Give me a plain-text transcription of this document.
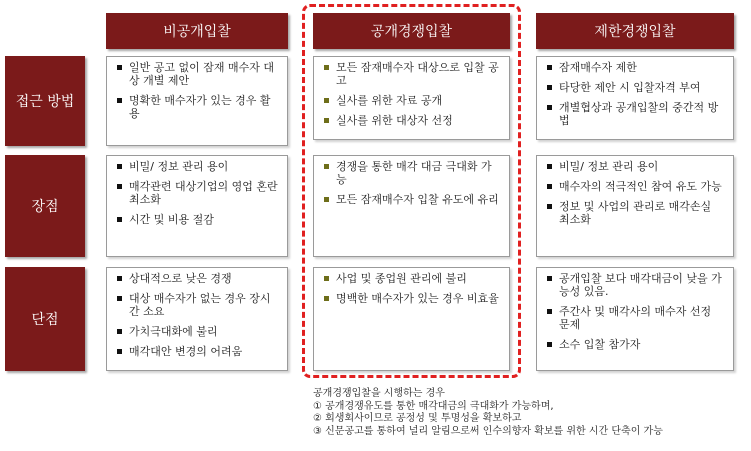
비공개입찰	공개경쟁입찰	제한경쟁입찰
접근 방법
장점
단점
일반 공고 없이 잠재 매수자 대상 개별 제안
명확한 매수자가 있는 경우 활용
모든 잠재매수자 대상으로 입찰 공고
실사를 위한 자료 공개
실사를 위한 대상자 선정
잠재매수자 제한
타당한 제안 시 입찰자격 부여
개별협상과 공개입찰의 중간적 방법
비밀/ 정보 관리 용이
매각관련 대상기업의 영업 혼란 최소화
시간 및 비용 절감
경쟁을 통한 매각 대금 극대화 가능
모든 잠재매수자 입찰 유도에 유리
비밀/ 정보 관리 용이
매수자의 적극적인 참여 유도 가능
정보 및 사업의 관리로 매각손실 최소화
상대적으로 낮은 경쟁
대상 매수자가 없는 경우 장시간 소요
가치극대화에 불리
매각대안 변경의 어려움
사업 및 종업원 관리에 불리
명백한 매수자가 있는 경우 비효율
공개입찰 보다 매각대금이 낮을 가능성 있음.
주간사 및 매각사의 매수자 선정 문제
소수 입찰 참가자
공개경쟁입찰을 시행하는 경우
① 공개경쟁유도를 통한 매각대금의 극대화가 가능하며,
② 회생회사이므로 공정성 및 투명성을 확보하고
③ 신문공고를 통하여 널리 알림으로써 인수의향자 확보를 위한 시간 단축이 가능
